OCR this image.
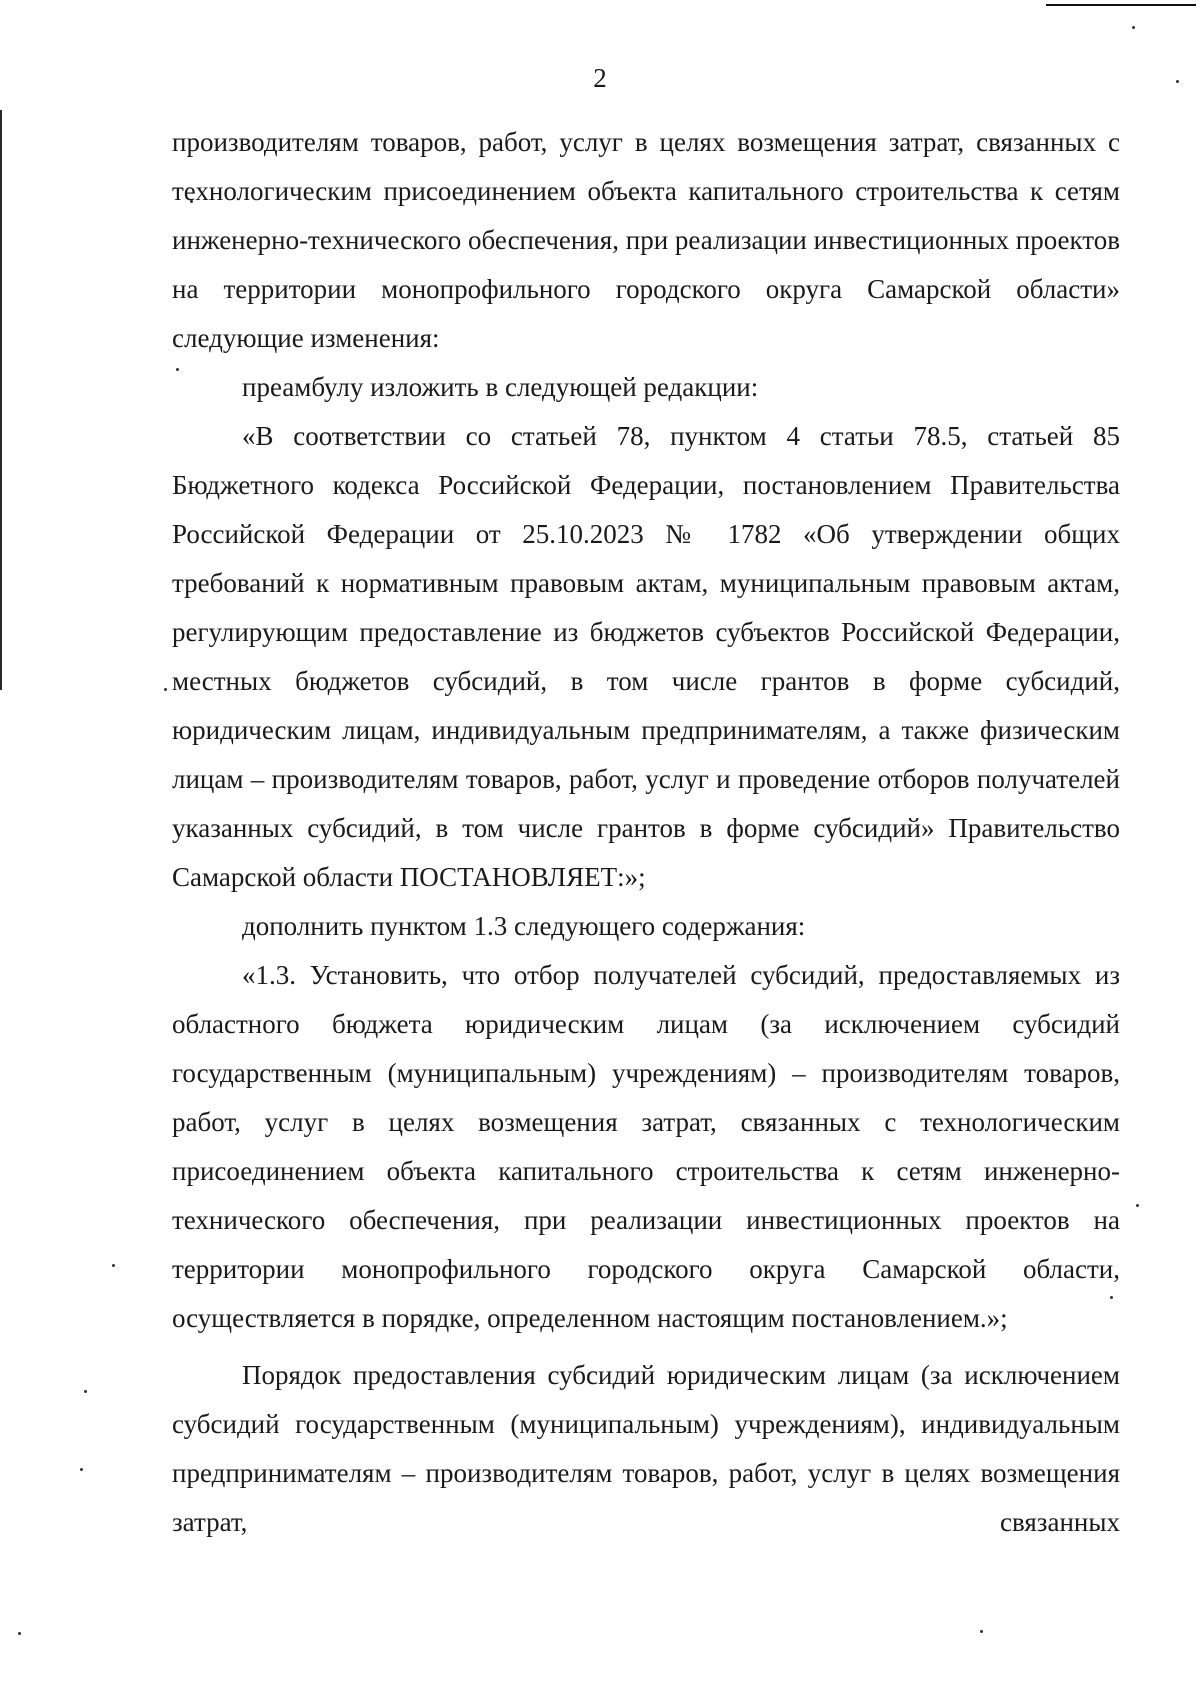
2

производителям товаров, работ, услуг в целях возмещения затрат, связанных с технологическим присоединением объекта капитального строительства к сетям инженерно-технического обеспечения, при реализации инвестиционных проектов на территории монопрофильного городского округа Самарской области» следующие изменения:

преамбулу изложить в следующей редакции:

«В соответствии со статьей 78, пунктом 4 статьи 78.5, статьей 85 Бюджетного кодекса Российской Федерации, постановлением Правительства Российской Федерации от 25.10.2023 № 1782 «Об утверждении общих требований к нормативным правовым актам, муниципальным правовым актам, регулирующим предоставление из бюджетов субъектов Российской Федерации, местных бюджетов субсидий, в том числе грантов в форме субсидий, юридическим лицам, индивидуальным предпринимателям, а также физическим лицам – производителям товаров, работ, услуг и проведение отборов получателей указанных субсидий, в том числе грантов в форме субсидий» Правительство Самарской области ПОСТАНОВЛЯЕТ:»;

дополнить пунктом 1.3 следующего содержания:

«1.3. Установить, что отбор получателей субсидий, предоставляемых из областного бюджета юридическим лицам (за исключением субсидий государственным (муниципальным) учреждениям) – производителям товаров, работ, услуг в целях возмещения затрат, связанных с технологическим присоединением объекта капитального строительства к сетям инженерно-технического обеспечения, при реализации инвестиционных проектов на территории монопрофильного городского округа Самарской области, осуществляется в порядке, определенном настоящим постановлением.»;

Порядок предоставления субсидий юридическим лицам (за исключением субсидий государственным (муниципальным) учреждениям), индивидуальным предпринимателям – производителям товаров, работ, услуг в целях возмещения затрат, связанных
